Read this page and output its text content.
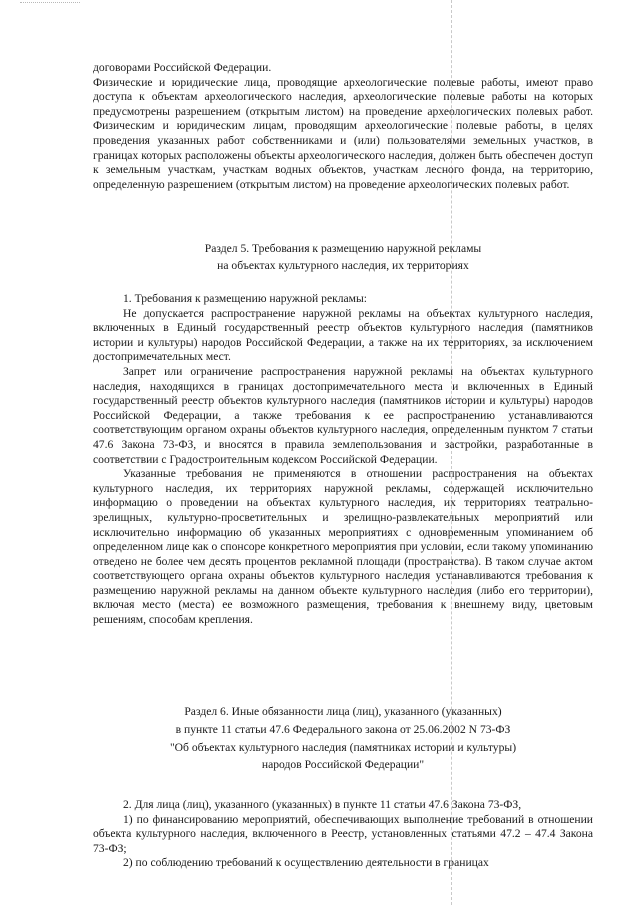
договорами Российской Федерации.

Физические и юридические лица, проводящие археологические полевые работы, имеют право доступа к объектам археологического наследия, археологические полевые работы на которых предусмотрены разрешением (открытым листом) на проведение археологических полевых работ. Физическим и юридическим лицам, проводящим археологические полевые работы, в целях проведения указанных работ собственниками и (или) пользователями земельных участков, в границах которых расположены объекты археологического наследия, должен быть обеспечен доступ к земельным участкам, участкам водных объектов, участкам лесного фонда, на территорию, определенную разрешением (открытым листом) на проведение археологических полевых работ.

Раздел 5. Требования к размещению наружной рекламы

на объектах культурного наследия, их территориях

1. Требования к размещению наружной рекламы:

Не допускается распространение наружной рекламы на объектах культурного наследия, включенных в Единый государственный реестр объектов культурного наследия (памятников истории и культуры) народов Российской Федерации, а также на их территориях, за исключением достопримечательных мест.

Запрет или ограничение распространения наружной рекламы на объектах культурного наследия, находящихся в границах достопримечательного места и включенных в Единый государственный реестр объектов культурного наследия (памятников истории и культуры) народов Российской Федерации, а также требования к ее распространению устанавливаются соответствующим органом охраны объектов культурного наследия, определенным пунктом 7 статьи 47.6 Закона 73-ФЗ, и вносятся в правила землепользования и застройки, разработанные в соответствии с Градостроительным кодексом Российской Федерации.

Указанные требования не применяются в отношении распространения на объектах культурного наследия, их территориях наружной рекламы, содержащей исключительно информацию о проведении на объектах культурного наследия, их территориях театрально-зрелищных, культурно-просветительных и зрелищно-развлекательных мероприятий или исключительно информацию об указанных мероприятиях с одновременным упоминанием об определенном лице как о спонсоре конкретного мероприятия при условии, если такому упоминанию отведено не более чем десять процентов рекламной площади (пространства). В таком случае актом соответствующего органа охраны объектов культурного наследия устанавливаются требования к размещению наружной рекламы на данном объекте культурного наследия (либо его территории), включая место (места) ее возможного размещения, требования к внешнему виду, цветовым решениям, способам крепления.

Раздел 6. Иные обязанности лица (лиц), указанного (указанных)

в пункте 11 статьи 47.6 Федерального закона от 25.06.2002 N 73-ФЗ

"Об объектах культурного наследия (памятниках истории и культуры)

народов Российской Федерации"

2. Для лица (лиц), указанного (указанных) в пункте 11 статьи 47.6 Закона 73-ФЗ,

1) по финансированию мероприятий, обеспечивающих выполнение требований в отношении объекта культурного наследия, включенного в Реестр, установленных статьями 47.2 – 47.4 Закона 73-ФЗ;

2) по соблюдению требований к осуществлению деятельности в границах
